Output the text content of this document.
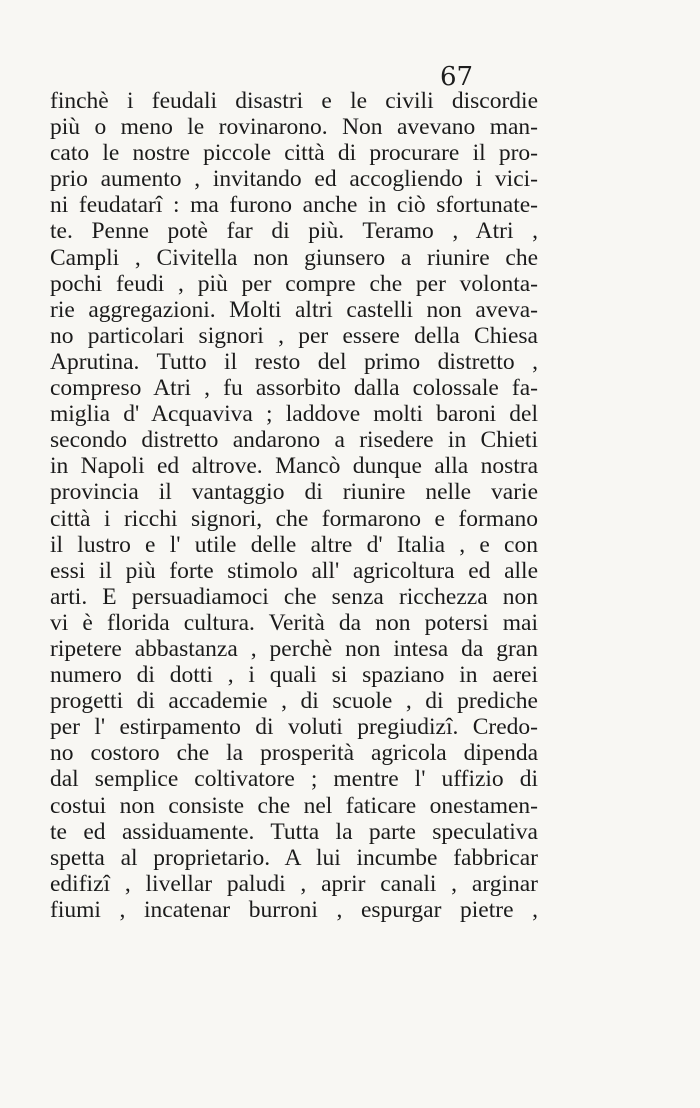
67

finchè i feudali disastri e le civili discordie
più o meno le rovinarono. Non avevano man-
cato le nostre piccole città di procurare il pro-
prio aumento , invitando ed accogliendo i vici-
ni feudatarî : ma furono anche in ciò sfortunate-
te. Penne potè far di più. Teramo , Atri ,
Campli , Civitella non giunsero a riunire che
pochi feudi , più per compre che per volonta-
rie aggregazioni. Molti altri castelli non aveva-
no particolari signori , per essere della Chiesa
Aprutina. Tutto il resto del primo distretto ,
compreso Atri , fu assorbito dalla colossale fa-
miglia d' Acquaviva ; laddove molti baroni del
secondo distretto andarono a risedere in Chieti
in Napoli ed altrove. Mancò dunque alla nostra
provincia il vantaggio di riunire nelle varie
città i ricchi signori, che formarono e formano
il lustro e l' utile delle altre d' Italia , e con
essi il più forte stimolo all' agricoltura ed alle
arti. E persuadiamoci che senza ricchezza non
vi è florida cultura. Verità da non potersi mai
ripetere abbastanza , perchè non intesa da gran
numero di dotti , i quali si spaziano in aerei
progetti di accademie , di scuole , di prediche
per l' estirpamento di voluti pregiudizî. Credo-
no costoro che la prosperità agricola dipenda
dal semplice coltivatore ; mentre l' uffizio di
costui non consiste che nel faticare onestamen-
te ed assiduamente. Tutta la parte speculativa
spetta al proprietario. A lui incumbe fabbricar
edifizî , livellar paludi , aprir canali , arginar
fiumi , incatenar burroni , espurgar pietre ,
